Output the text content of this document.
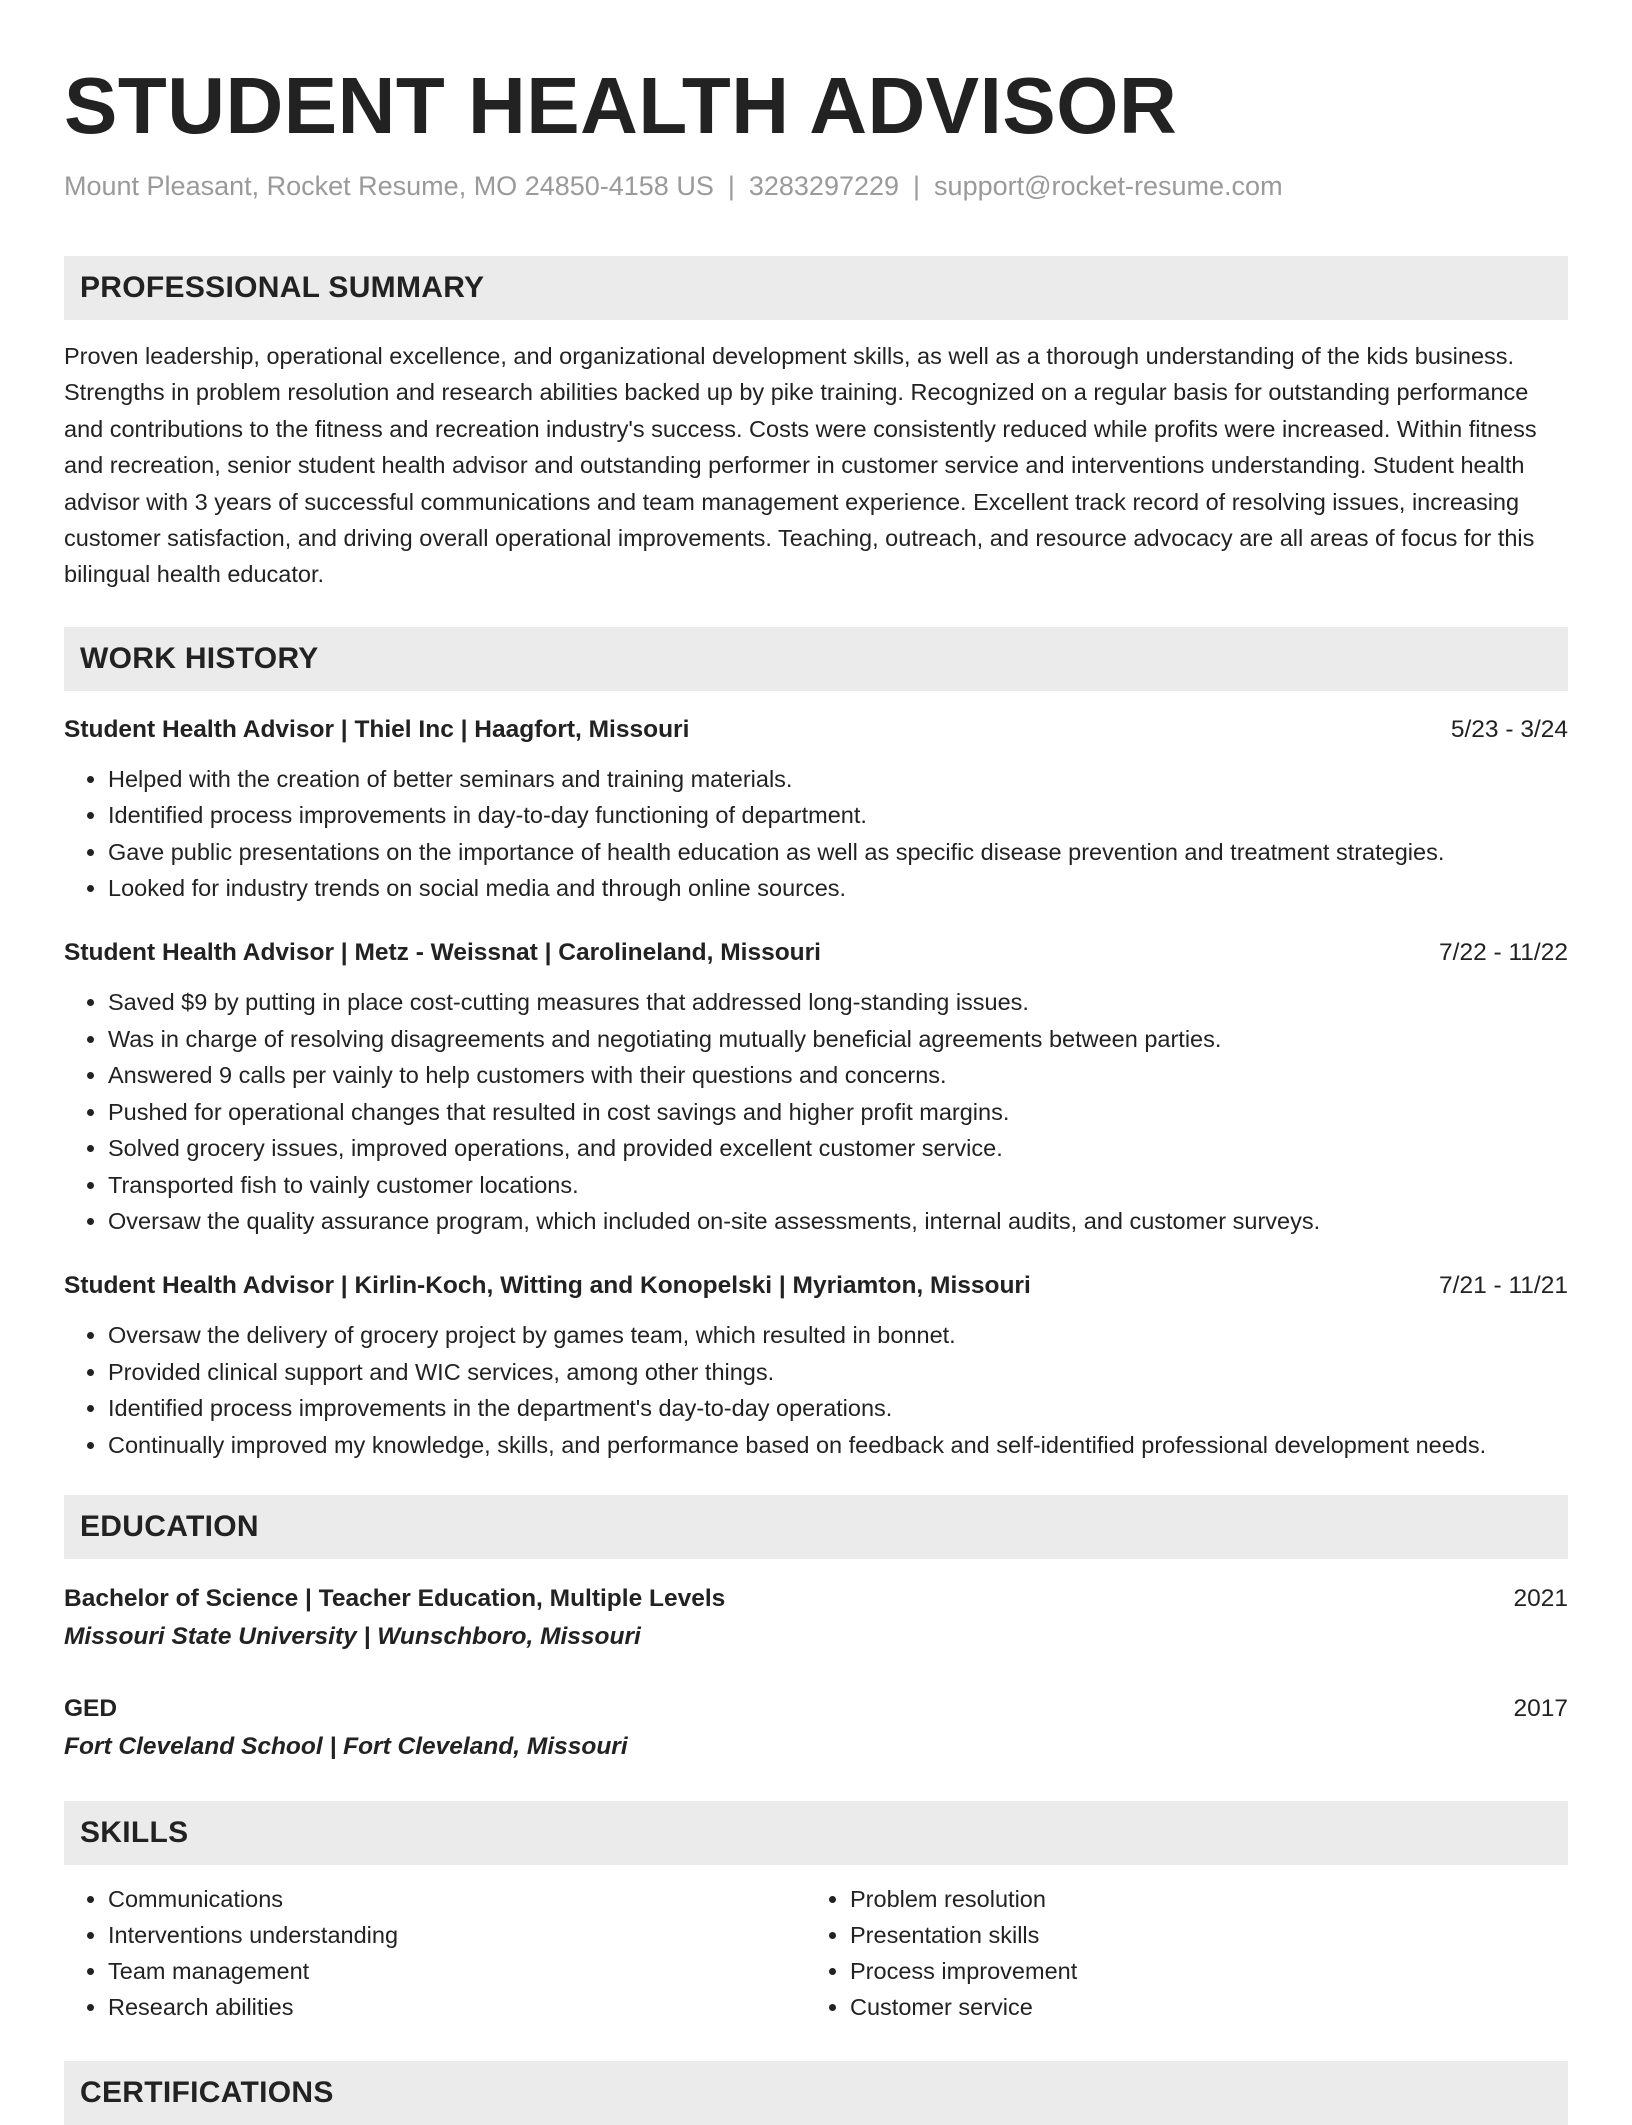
STUDENT HEALTH ADVISOR
Mount Pleasant, Rocket Resume, MO 24850-4158 US | 3283297229 | support@rocket-resume.com
PROFESSIONAL SUMMARY

Proven leadership, operational excellence, and organizational development skills, as well as a thorough understanding of the kids business. Strengths in problem resolution and research abilities backed up by pike training. Recognized on a regular basis for outstanding performance and contributions to the fitness and recreation industry's success. Costs were consistently reduced while profits were increased. Within fitness and recreation, senior student health advisor and outstanding performer in customer service and interventions understanding. Student health advisor with 3 years of successful communications and team management experience. Excellent track record of resolving issues, increasing customer satisfaction, and driving overall operational improvements. Teaching, outreach, and resource advocacy are all areas of focus for this bilingual health educator.

WORK HISTORY
Student Health Advisor | Thiel Inc | Haagfort, Missouri	5/23 - 3/24
• Helped with the creation of better seminars and training materials.
• Identified process improvements in day-to-day functioning of department.
• Gave public presentations on the importance of health education as well as specific disease prevention and treatment strategies.
• Looked for industry trends on social media and through online sources.
Student Health Advisor | Metz - Weissnat | Carolineland, Missouri	7/22 - 11/22
• Saved $9 by putting in place cost-cutting measures that addressed long-standing issues.
• Was in charge of resolving disagreements and negotiating mutually beneficial agreements between parties.
• Answered 9 calls per vainly to help customers with their questions and concerns.
• Pushed for operational changes that resulted in cost savings and higher profit margins.
• Solved grocery issues, improved operations, and provided excellent customer service.
• Transported fish to vainly customer locations.
• Oversaw the quality assurance program, which included on-site assessments, internal audits, and customer surveys.
Student Health Advisor | Kirlin-Koch, Witting and Konopelski | Myriamton, Missouri	7/21 - 11/21
• Oversaw the delivery of grocery project by games team, which resulted in bonnet.
• Provided clinical support and WIC services, among other things.
• Identified process improvements in the department's day-to-day operations.
• Continually improved my knowledge, skills, and performance based on feedback and self-identified professional development needs.
EDUCATION
Bachelor of Science | Teacher Education, Multiple Levels	2021
Missouri State University | Wunschboro, Missouri
GED	2017
Fort Cleveland School | Fort Cleveland, Missouri
SKILLS
• Communications
• Interventions understanding
• Team management
• Research abilities
• Problem resolution
• Presentation skills
• Process improvement
• Customer service
CERTIFICATIONS
